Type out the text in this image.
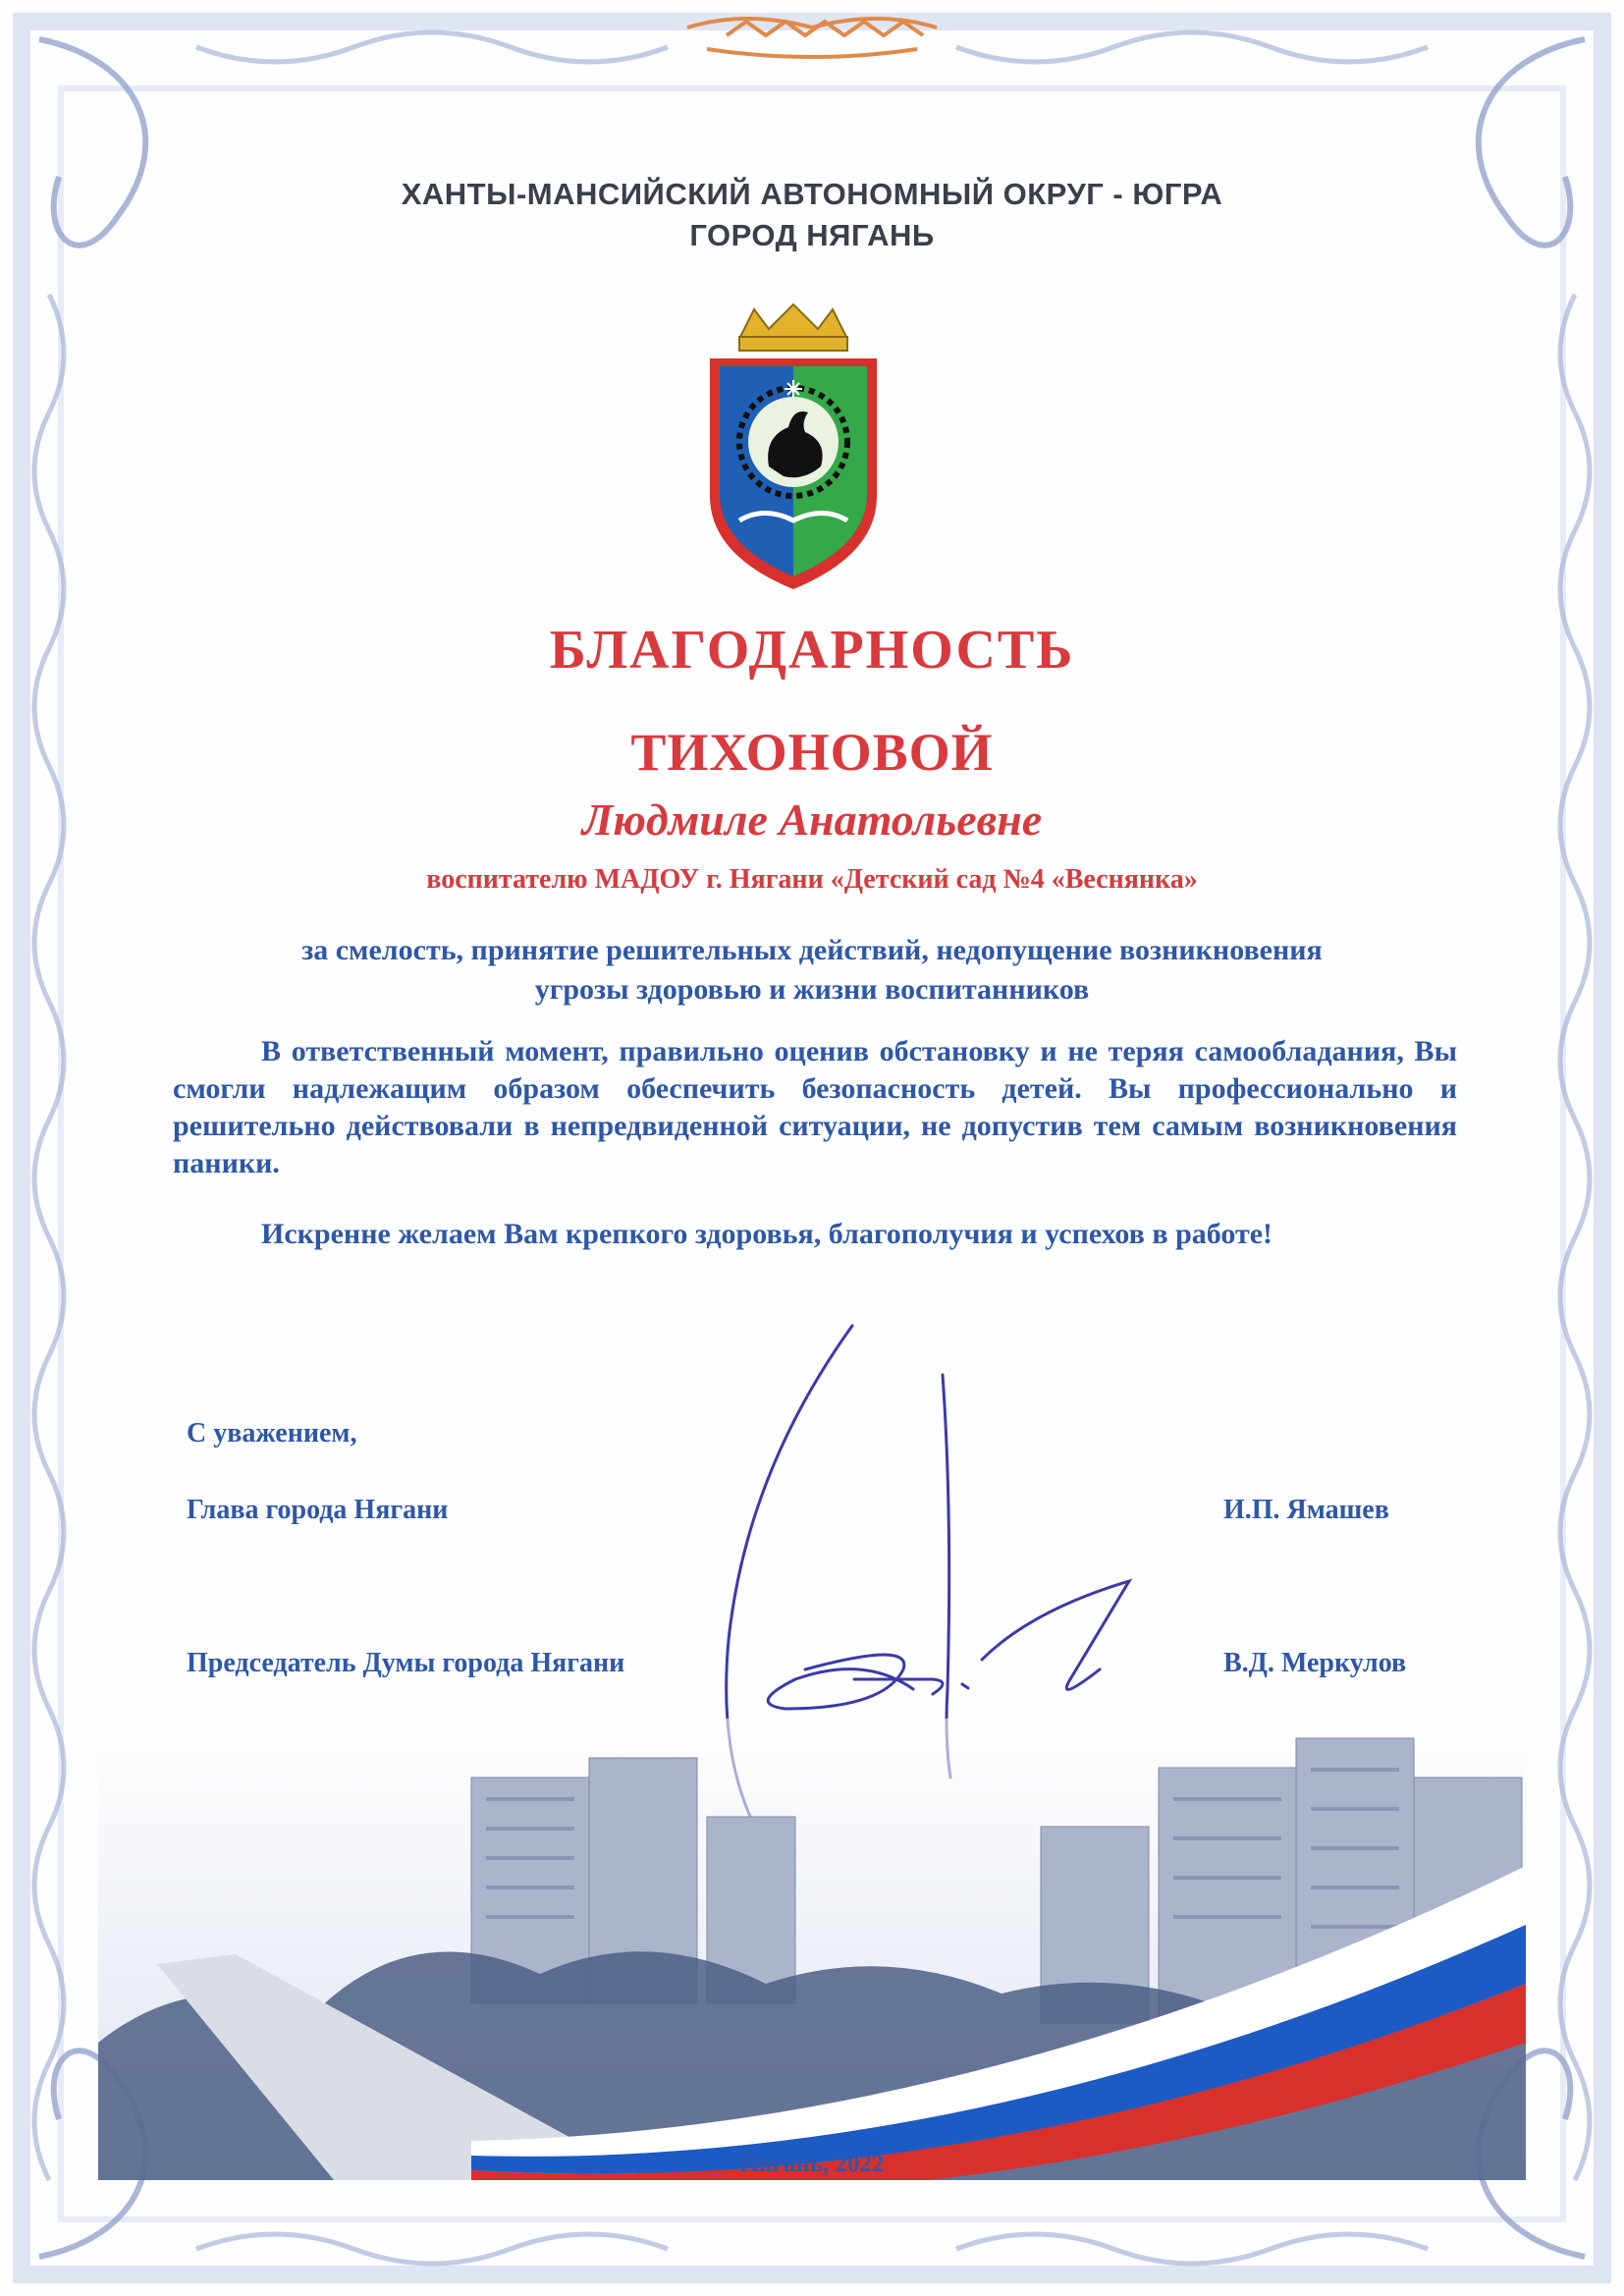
ХАНТЫ-МАНСИЙСКИЙ АВТОНОМНЫЙ ОКРУГ - ЮГРА
ГОРОД НЯГАНЬ
БЛАГОДАРНОСТЬ
ТИХОНОВОЙ
Людмиле Анатольевне
воспитателю МАДОУ г. Нягани «Детский сад №4 «Веснянка»
за смелость, принятие решительных действий, недопущение возникновения
угрозы здоровью и жизни воспитанников
В ответственный момент, правильно оценив обстановку и не теряя самообладания, Вы смогли надлежащим образом обеспечить безопасность детей. Вы профессионально и решительно действовали в непредвиденной ситуации, не допустив тем самым возникновения паники.
Искренне желаем Вам крепкого здоровья, благополучия и успехов в работе!
С уважением,
Глава города Нягани	И.П. Ямашев
Председатель Думы города Нягани	В.Д. Меркулов
Нягань, 2022
